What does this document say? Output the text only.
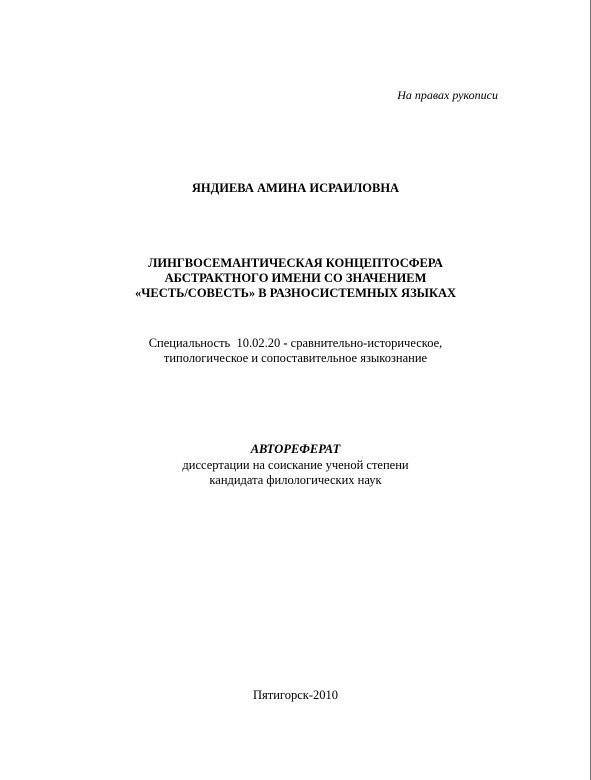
На правах рукописи
ЯНДИЕВА АМИНА ИСРАИЛОВНА
ЛИНГВОСЕМАНТИЧЕСКАЯ КОНЦЕПТОСФЕРА
АБСТРАКТНОГО ИМЕНИ СО ЗНАЧЕНИЕМ
«ЧЕСТЬ/СОВЕСТЬ» В РАЗНОСИСТЕМНЫХ ЯЗЫКАХ
Специальность 10.02.20 - сравнительно-историческое,
типологическое и сопоставительное языкознание
АВТОРЕФЕРАТ
диссертации на соискание ученой степени
кандидата филологических наук
Пятигорск-2010
